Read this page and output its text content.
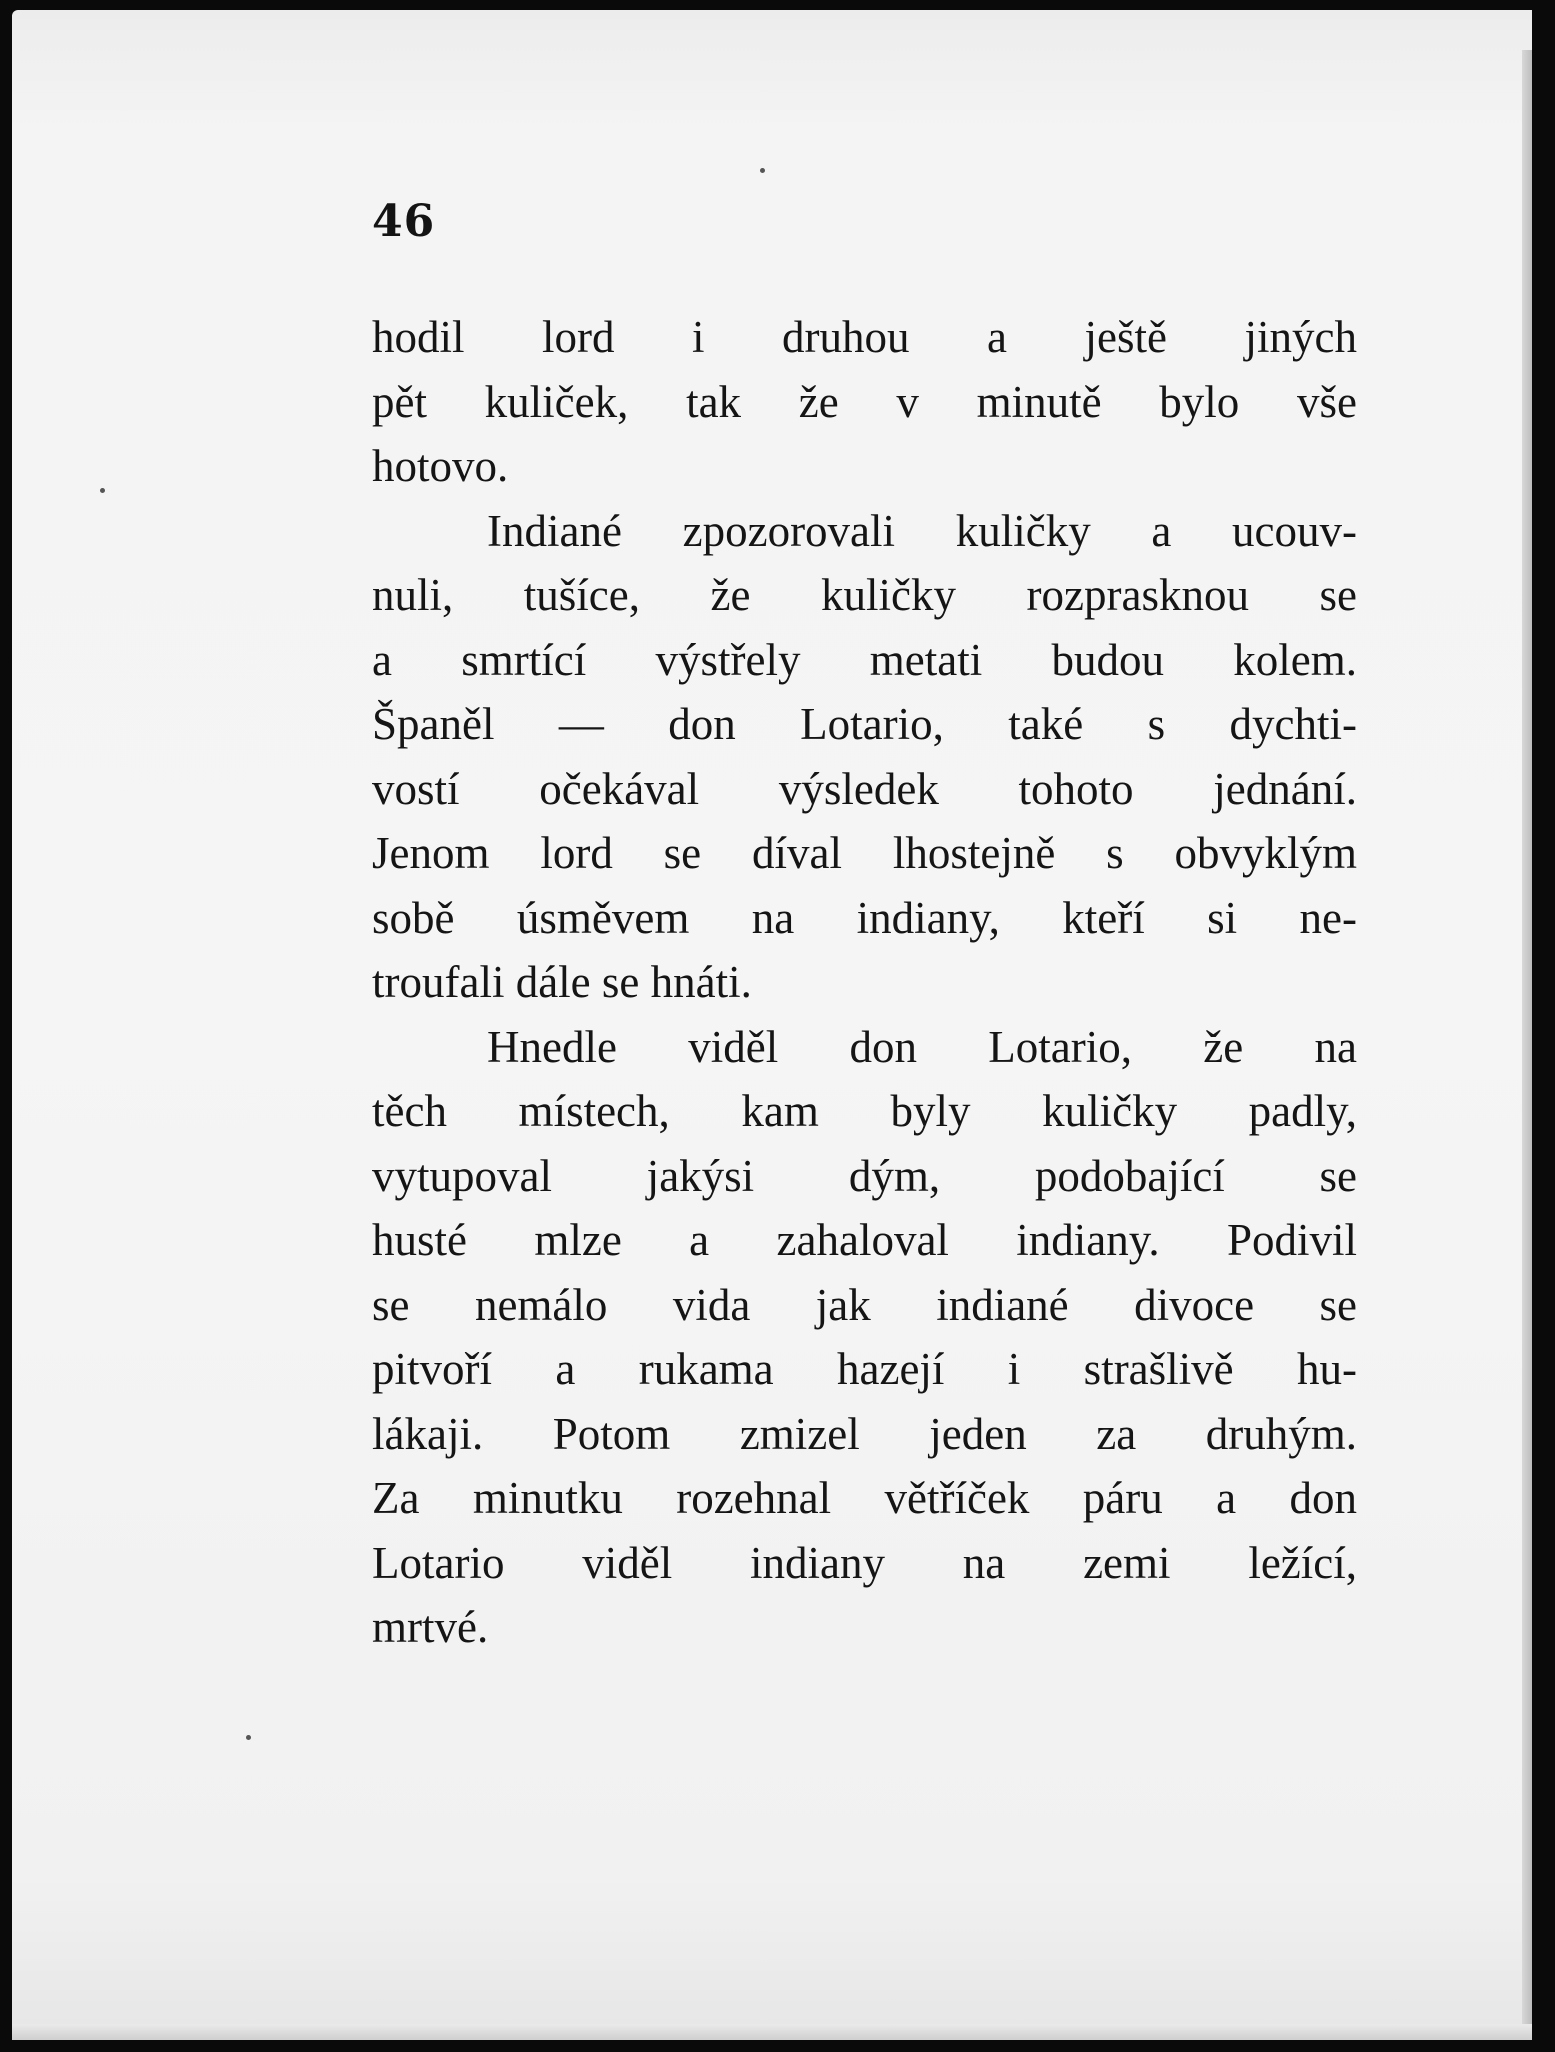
46
hodil lord i druhou a ještě jiných
pět kuliček, tak že v minutě bylo vše
hotovo.
Indiané zpozorovali kuličky a ucouv-
nuli, tušíce, že kuličky rozprasknou se
a smrtící výstřely metati budou kolem.
Španěl — don Lotario, také s dychti-
vostí očekával výsledek tohoto jednání.
Jenom lord se díval lhostejně s obvyklým
sobě úsměvem na indiany, kteří si ne-
troufali dále se hnáti.
Hnedle viděl don Lotario, že na
těch místech, kam byly kuličky padly,
vytupoval jakýsi dým, podobající se
husté mlze a zahaloval indiany. Podivil
se nemálo vida jak indiané divoce se
pitvoří a rukama hazejí i strašlivě hu-
lákaji. Potom zmizel jeden za druhým.
Za minutku rozehnal větříček páru a don
Lotario viděl indiany na zemi ležící,
mrtvé.
